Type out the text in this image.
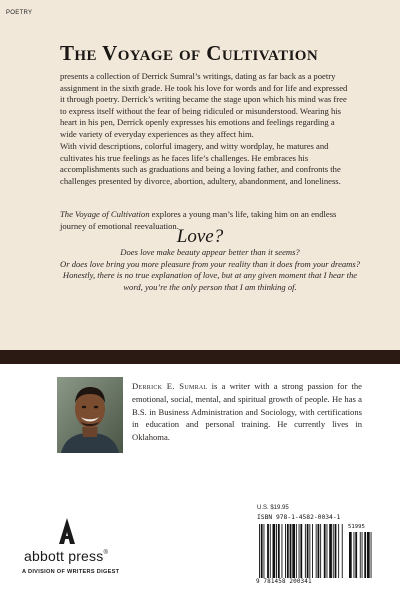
POETRY
The Voyage of Cultivation

presents a collection of Derrick Sumral’s writings, dating as far back as a poetry assignment in the sixth grade. He took his love for words and for life and expressed it through poetry. Derrick’s writing became the stage upon which his mind was free to express itself without the fear of being ridiculed or misunderstood. Wearing his heart in his pen, Derrick openly expresses his emotions and feelings regarding a wide variety of everyday experiences as they affect him.

With vivid descriptions, colorful imagery, and witty wordplay, he matures and cultivates his true feelings as he faces life’s challenges. He embraces his accomplishments such as graduations and being a loving father, and confronts the challenges presented by divorce, abortion, adultery, abandonment, and loneliness.

The Voyage of Cultivation explores a young man’s life, taking him on an endless journey of emotional reevaluation.

Love?
Does love make beauty appear better than it seems?
Or does love bring you more pleasure from your reality than it does from your dreams?
Honestly, there is no true explanation of love, but at any given moment that I hear the
word, you’re the only person that I am thinking of.

Derrick E. Sumral is a writer with a strong passion for the emotional, social, mental, and spiritual growth of people. He has a B.S. in Business Administration and Sociology, with certifications in education and personal training. He currently lives in Oklahoma.

abbott press®
A DIVISION OF WRITERS DIGEST
U.S. $19.95
ISBN 978-1-4582-0034-1
9 781458 200341
51995
